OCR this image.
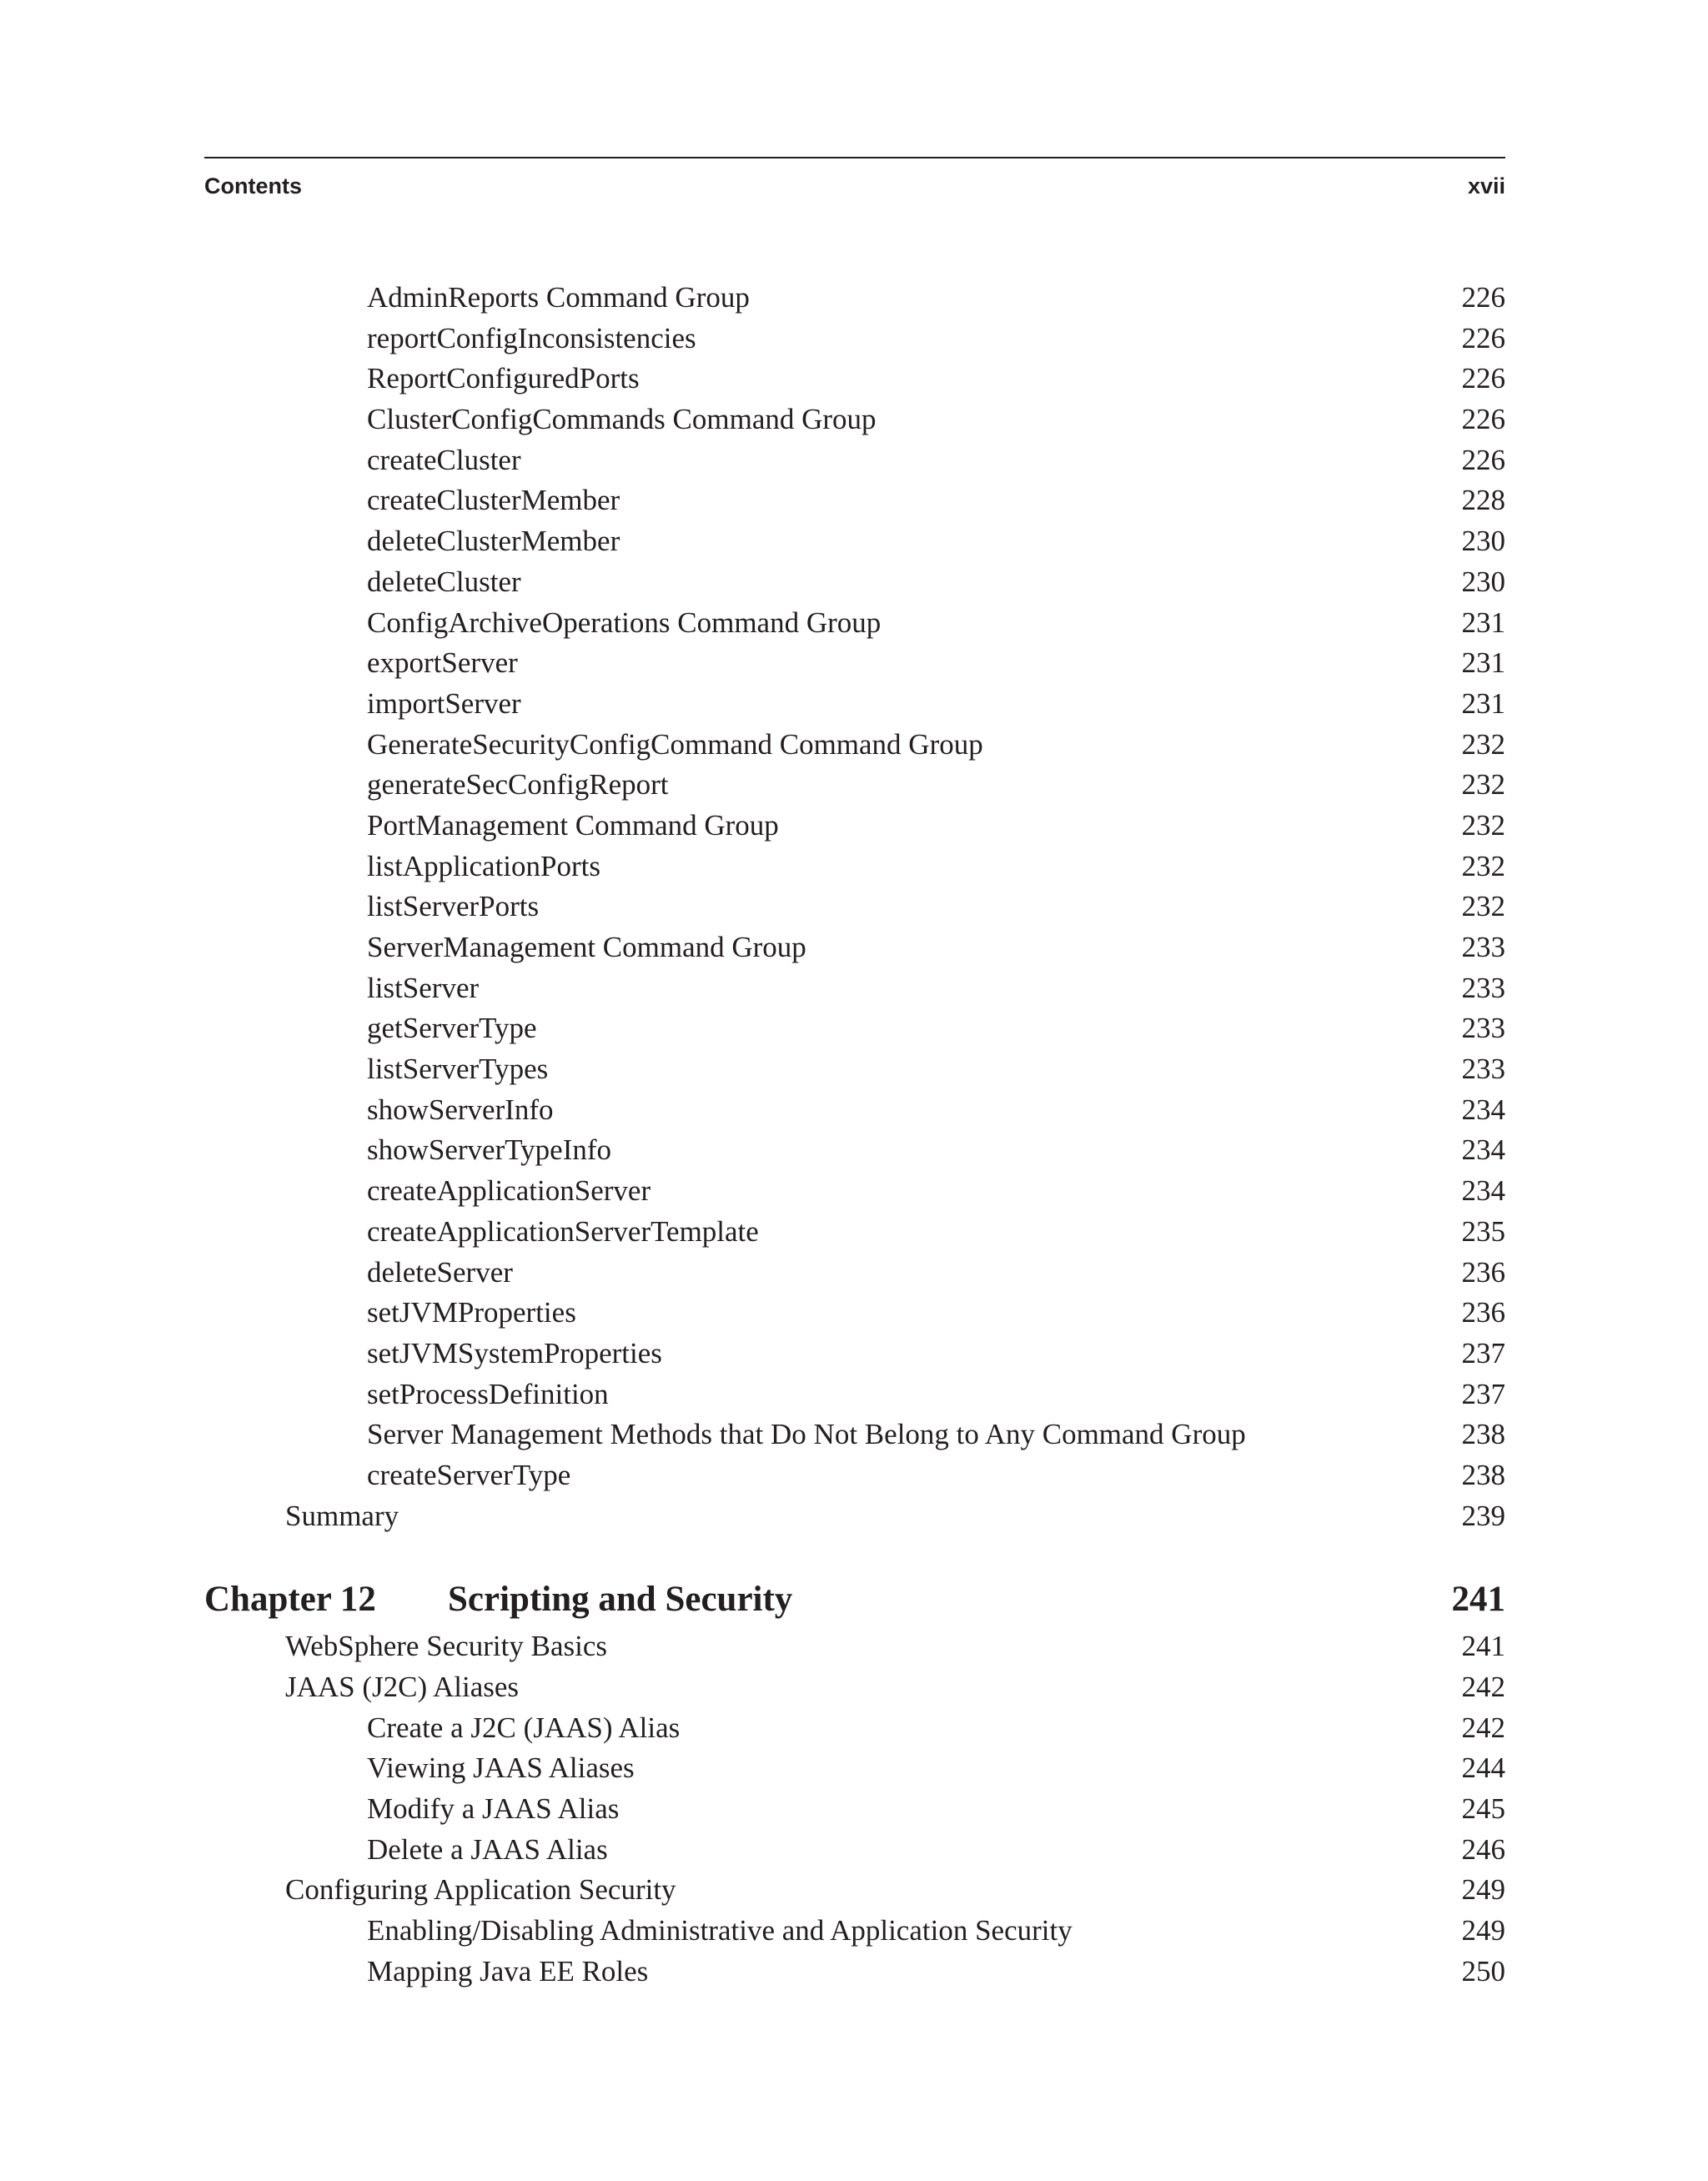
Contents	xvii
AdminReports Command Group	226
reportConfigInconsistencies	226
ReportConfiguredPorts	226
ClusterConfigCommands Command Group	226
createCluster	226
createClusterMember	228
deleteClusterMember	230
deleteCluster	230
ConfigArchiveOperations Command Group	231
exportServer	231
importServer	231
GenerateSecurityConfigCommand Command Group	232
generateSecConfigReport	232
PortManagement Command Group	232
listApplicationPorts	232
listServerPorts	232
ServerManagement Command Group	233
listServer	233
getServerType	233
listServerTypes	233
showServerInfo	234
showServerTypeInfo	234
createApplicationServer	234
createApplicationServerTemplate	235
deleteServer	236
setJVMProperties	236
setJVMSystemProperties	237
setProcessDefinition	237
Server Management Methods that Do Not Belong to Any Command Group	238
createServerType	238
Summary	239
Chapter 12 Scripting and Security	241
WebSphere Security Basics	241
JAAS (J2C) Aliases	242
Create a J2C (JAAS) Alias	242
Viewing JAAS Aliases	244
Modify a JAAS Alias	245
Delete a JAAS Alias	246
Configuring Application Security	249
Enabling/Disabling Administrative and Application Security	249
Mapping Java EE Roles	250
